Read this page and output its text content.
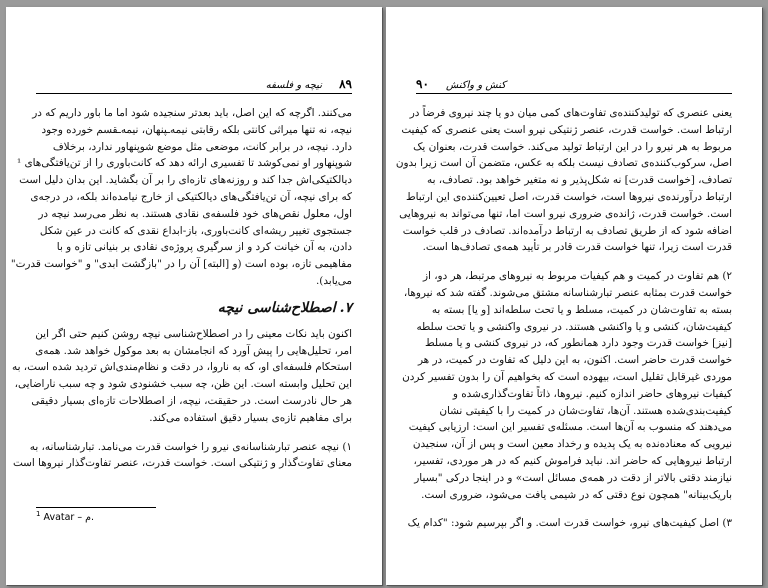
۸۹
نیچه و فلسفه
می‌کنند. اگرچه که این اصل، باید بعدتر سنجیده شود اما ما باور داریم که در
نیچه، نه تنها میراثی کانتی بلکه رقابتی نیمه‌ـپنهان، نیمه‌ـقسم خورده وجود
دارد. نیچه، در برابر کانت، موضعی مثل موضع شوپنهاور ندارد، برخلاف
شوپنهاور او نمی‌کوشد تا تفسیری ارائه دهد که کانت‌باوری را از تن‌یافتگی‌های ¹
دیالکتیکی‌اش جدا کند و روزنه‌های تازه‌ای را بر آن بگشاید. این بدان دلیل است
که برای نیچه، آن تن‌یافتگی‌های دیالکتیکی از خارج نیامده‌اند بلکه، در درجه‌ی
اول، معلول نقص‌های خود فلسفه‌ی نقادی هستند. به نظر می‌رسد نیچه در
جستجوی تغییر ریشه‌ای کانت‌باوری، باز-ابداع نقدی که کانت در عین شکل
دادن، به آن خیانت کرد و از سرگیری پروژه‌ی نقادی بر بنیانی تازه و با
مفاهیمی تازه، بوده است (و [البته] آن را در "بازگشت ابدی" و "خواست قدرت"
می‌یابد).
۷.اصطلاح‌شناسی نیچه
اکنون باید نکات معینی را در اصطلاح‌شناسی نیچه روشن کنیم حتی اگر این
امر، تحلیل‌هایی را پیش آورد که انجامشان به بعد موکول خواهد شد. همه‌ی
استحکام فلسفه‌ای او، که به ناروا، در دقت و نظام‌مندی‌اش تردید شده است، به
این تحلیل وابسته است. این ظن، چه سبب خشنودی شود و چه سبب ناراضایی،
هر حال نادرست است. در حقیقت، نیچه، از اصطلاحات تازه‌ای بسیار دقیقی
برای مفاهیم تازه‌ی بسیار دقیق استفاده می‌کند.
۱) نیچه عنصر تبارشناسانه‌ی نیرو را خواست قدرت می‌نامد. تبارشناسانه، به
معنای تفاوت‌گذار و ژنتیکی است. خواست قدرت، عنصر تفاوت‌گذار نیروها است
$^1$ Avatar – م.
۹۰ کنش و واکنش
یعنی عنصری که تولیدکننده‌ی تفاوت‌های کمی میان دو یا چند نیروی فرضاً در
ارتباط است. خواست قدرت، عنصر ژنتیکی نیرو است یعنی عنصری که کیفیت
مربوط به هر نیرو را در این ارتباط تولید می‌کند. خواست قدرت، بعنوان یک
اصل، سرکوب‌کننده‌ی تصادف نیست بلکه به عکس، متضمن آن است زیرا بدون
تصادف، [خواست قدرت] نه شکل‌پذیر و نه متغیر خواهد بود. تصادف، به
ارتباط درآورنده‌ی نیروها است، خواست قدرت، اصل تعیین‌کننده‌ی این ارتباط
است. خواست قدرت، ژانده‌ی ضروری نیرو است اما، تنها می‌تواند به نیروهایی
اضافه شود که از طریق تصادف به ارتباط درآمده‌اند. تصادف در قلب خواست
قدرت است زیرا، تنها خواست قدرت قادر بر تأیید همه‌ی تصادف‌ها است.
۲) هم تفاوت در کمیت و هم کیفیات مربوط به نیروهای مرتبط، هر دو، از
خواست قدرت بمثابه عنصر تبارشناسانه مشتق می‌شوند. گفته شد که نیروها،
بسته به تفاوت‌شان در کمیت، مسلط و یا تحت سلطه‌اند [و یا] بسته به
کیفیت‌شان، کنشی و یا واکنشی هستند. در نیروی واکنشی و یا تحت سلطه
[نیز] خواست قدرت وجود دارد همانطور که، در نیروی کنشی و یا مسلط
خواست قدرت حاضر است. اکنون، به این دلیل که تفاوت در کمیت، در هر
موردی غیرقابل تقلیل است، بیهوده است که بخواهیم آن را بدون تفسیر کردن
کیفیات نیروهای حاضر اندازه کنیم. نیروها، ذاتاً تفاوت‌گذاری‌شده و
کیفیت‌بندی‌شده هستند. آن‌ها، تفاوت‌شان در کمیت را با کیفیتی نشان
می‌دهند که منسوب به آن‌ها است. مسئله‌ی تفسیر این است: ارزیابی کیفیت
نیرویی که معناده‌نده به یک پدیده و رخداد معین است و پس از آن، سنجیدن
ارتباط نیروهایی که حاضر اند. نباید فراموش کنیم که در هر موردی، تفسیر،
نیازمند دقتی بالاتر از دقت در همه‌ی مسائل است» و در اینجا درکی "بسیار
باریک‌بینانه" همچون نوع دقتی که در شیمی یافت می‌شود، ضروری است.
۳) اصل کیفیت‌های نیرو، خواست قدرت است. و اگر بپرسیم شود: "کدام یک
